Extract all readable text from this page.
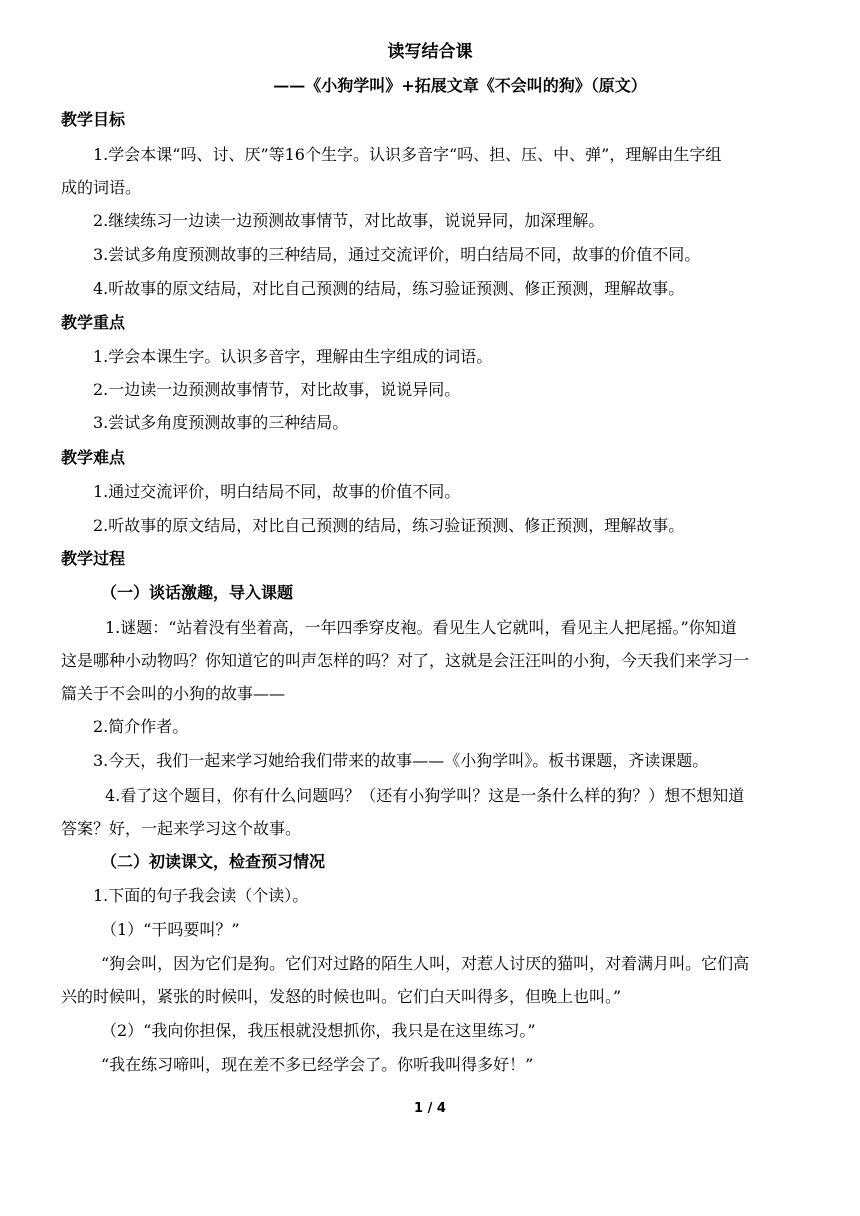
读写结合课
——《小狗学叫》+拓展文章《不会叫的狗》（原文）
教学目标
1.学会本课“吗、讨、厌”等16个生字。认识多音字“吗、担、压、中、弹”，理解由生字组
成的词语。
2.继续练习一边读一边预测故事情节，对比故事，说说异同，加深理解。
3.尝试多角度预测故事的三种结局，通过交流评价，明白结局不同，故事的价值不同。
4.听故事的原文结局，对比自己预测的结局，练习验证预测、修正预测，理解故事。
教学重点
1.学会本课生字。认识多音字，理解由生字组成的词语。
2.一边读一边预测故事情节，对比故事，说说异同。
3.尝试多角度预测故事的三种结局。
教学难点
1.通过交流评价，明白结局不同，故事的价值不同。
2.听故事的原文结局，对比自己预测的结局，练习验证预测、修正预测，理解故事。
教学过程
（一）谈话激趣，导入课题
1.谜题：“站着没有坐着高，一年四季穿皮袍。看见生人它就叫，看见主人把尾摇。”你知道
这是哪种小动物吗？你知道它的叫声怎样的吗？对了，这就是会汪汪叫的小狗，今天我们来学习一
篇关于不会叫的小狗的故事——
2.简介作者。
3.今天，我们一起来学习她给我们带来的故事——《小狗学叫》。板书课题，齐读课题。
4.看了这个题目，你有什么问题吗？（还有小狗学叫？这是一条什么样的狗？）想不想知道
答案？好，一起来学习这个故事。
（二）初读课文，检查预习情况
1.下面的句子我会读（个读）。
（1）“干吗要叫？”
“狗会叫，因为它们是狗。它们对过路的陌生人叫，对惹人讨厌的猫叫，对着满月叫。它们高
兴的时候叫，紧张的时候叫，发怒的时候也叫。它们白天叫得多，但晚上也叫。”
（2）“我向你担保，我压根就没想抓你，我只是在这里练习。”
“我在练习啼叫，现在差不多已经学会了。你听我叫得多好！”
1 / 4
